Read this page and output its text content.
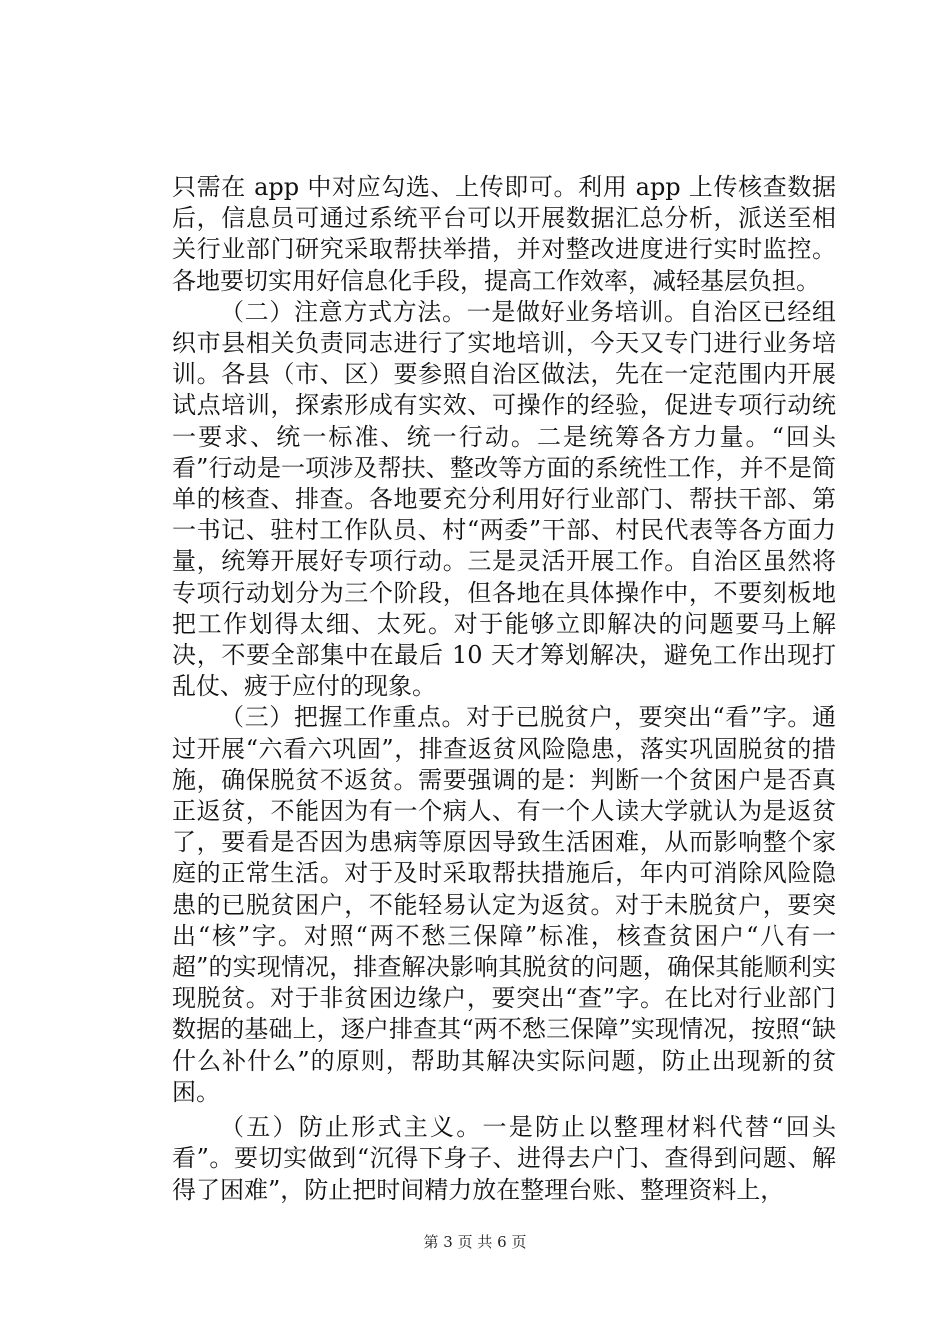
只需在 app 中对应勾选、上传即可。利用 app 上传核查数据后，信息员可通过系统平台可以开展数据汇总分析，派送至相关行业部门研究采取帮扶举措，并对整改进度进行实时监控。各地要切实用好信息化手段，提高工作效率，减轻基层负担。

（二）注意方式方法。一是做好业务培训。自治区已经组织市县相关负责同志进行了实地培训，今天又专门进行业务培训。各县（市、区）要参照自治区做法，先在一定范围内开展试点培训，探索形成有实效、可操作的经验，促进专项行动统一要求、统一标准、统一行动。二是统筹各方力量。“回头看”行动是一项涉及帮扶、整改等方面的系统性工作，并不是简单的核查、排查。各地要充分利用好行业部门、帮扶干部、第一书记、驻村工作队员、村“两委”干部、村民代表等各方面力量，统筹开展好专项行动。三是灵活开展工作。自治区虽然将专项行动划分为三个阶段，但各地在具体操作中，不要刻板地把工作划得太细、太死。对于能够立即解决的问题要马上解决，不要全部集中在最后 10 天才筹划解决，避免工作出现打乱仗、疲于应付的现象。

（三）把握工作重点。对于已脱贫户，要突出“看”字。通过开展“六看六巩固”，排查返贫风险隐患，落实巩固脱贫的措施，确保脱贫不返贫。需要强调的是：判断一个贫困户是否真正返贫，不能因为有一个病人、有一个人读大学就认为是返贫了，要看是否因为患病等原因导致生活困难，从而影响整个家庭的正常生活。对于及时采取帮扶措施后，年内可消除风险隐患的已脱贫困户，不能轻易认定为返贫。对于未脱贫户，要突出“核”字。对照“两不愁三保障”标准，核查贫困户“八有一超”的实现情况，排查解决影响其脱贫的问题，确保其能顺利实现脱贫。对于非贫困边缘户，要突出“查”字。在比对行业部门数据的基础上，逐户排查其“两不愁三保障”实现情况，按照“缺什么补什么”的原则，帮助其解决实际问题，防止出现新的贫困。

（五）防止形式主义。一是防止以整理材料代替“回头看”。要切实做到“沉得下身子、进得去户门、查得到问题、解得了困难”，防止把时间精力放在整理台账、整理资料上，

第 3 页 共 6 页
